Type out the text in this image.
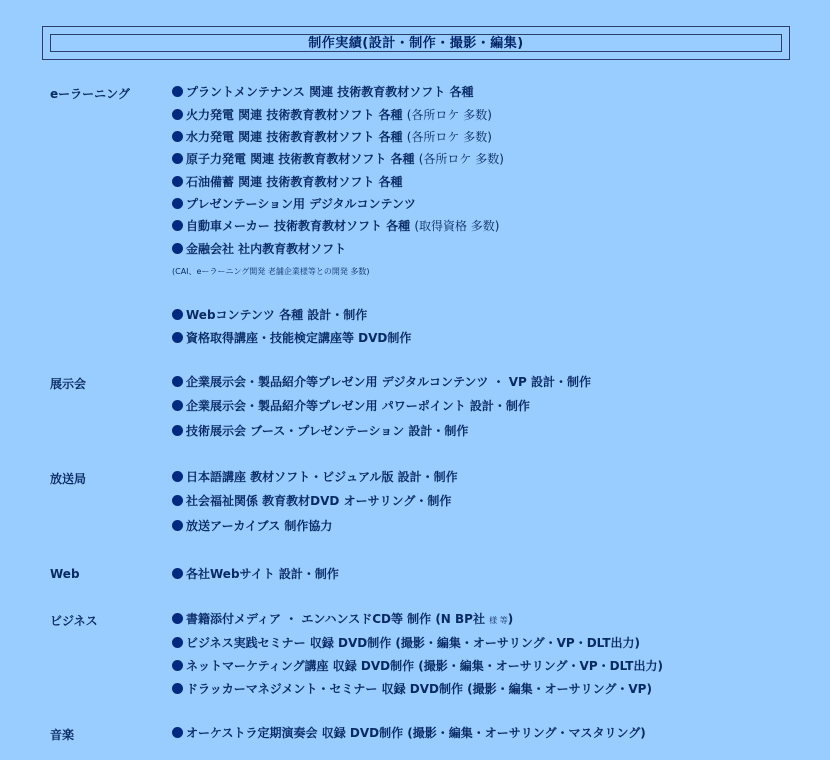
制作実績(設計・制作・撮影・編集)
eーラーニング	プラントメンテナンス 関連 技術教育教材ソフト 各種
火力発電 関連 技術教育教材ソフト 各種 (各所ロケ 多数)
水力発電 関連 技術教育教材ソフト 各種 (各所ロケ 多数)
原子力発電 関連 技術教育教材ソフト 各種 (各所ロケ 多数)
石油備蓄 関連 技術教育教材ソフト 各種
プレゼンテーション用 デジタルコンテンツ
自動車メーカー 技術教育教材ソフト 各種 (取得資格 多数)
金融会社 社内教育教材ソフト
(CAI、eーラーニング開発 老舗企業様等との開発 多数)
Webコンテンツ 各種 設計・制作
資格取得講座・技能検定講座等 DVD制作
展示会	企業展示会・製品紹介等プレゼン用 デジタルコンテンツ ・ VP 設計・制作
企業展示会・製品紹介等プレゼン用 パワーポイント 設計・制作
技術展示会 ブース・プレゼンテーション 設計・制作
放送局	日本語講座 教材ソフト・ビジュアル版 設計・制作
社会福祉関係 教育教材DVD オーサリング・制作
放送アーカイブス 制作協力
Web	各社Webサイト 設計・制作
ビジネス	書籍添付メディア ・ エンハンスドCD等 制作 (N BP社 様 等)
ビジネス実践セミナー 収録 DVD制作 (撮影・編集・オーサリング・VP・DLT出力)
ネットマーケティング講座 収録 DVD制作 (撮影・編集・オーサリング・VP・DLT出力)
ドラッカーマネジメント・セミナー 収録 DVD制作 (撮影・編集・オーサリング・VP)
音楽	オーケストラ定期演奏会 収録 DVD制作 (撮影・編集・オーサリング・マスタリング)
